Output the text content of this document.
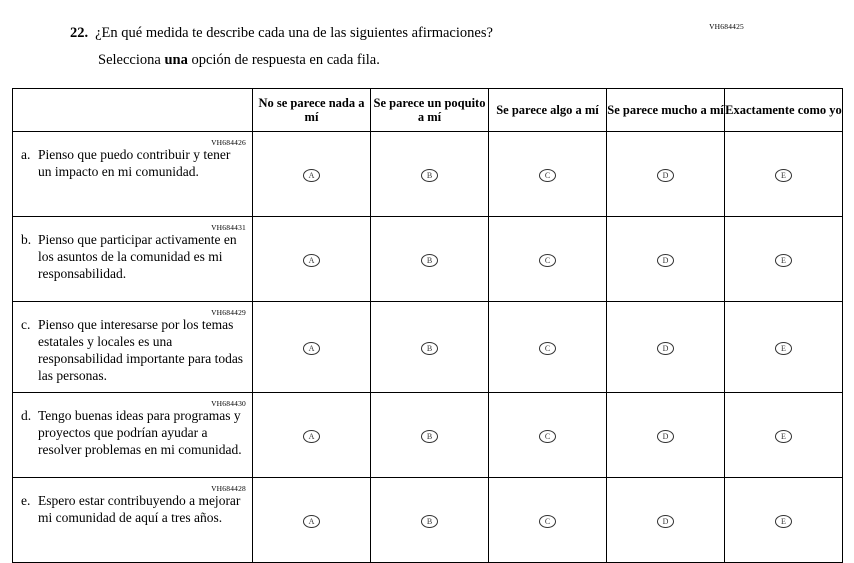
VH684425
22. ¿En qué medida te describe cada una de las siguientes afirmaciones?
Selecciona una opción de respuesta en cada fila.
	No se parece nada a mí	Se parece un poquito a mí	Se parece algo a mí	Se parece mucho a mí	Exactamente como yo

VH684426
a. Pienso que puedo contribuir y tener un impacto en mi comunidad.	A	B	C	D	E

VH684431
b. Pienso que participar activamente en los asuntos de la comunidad es mi responsabilidad.	A	B	C	D	E

VH684429
c. Pienso que interesarse por los temas estatales y locales es una responsabilidad importante para todas las personas.	A	B	C	D	E

VH684430
d. Tengo buenas ideas para programas y proyectos que podrían ayudar a resolver problemas en mi comunidad.	A	B	C	D	E

VH684428
e. Espero estar contribuyendo a mejorar mi comunidad de aquí a tres años.	A	B	C	D	E
